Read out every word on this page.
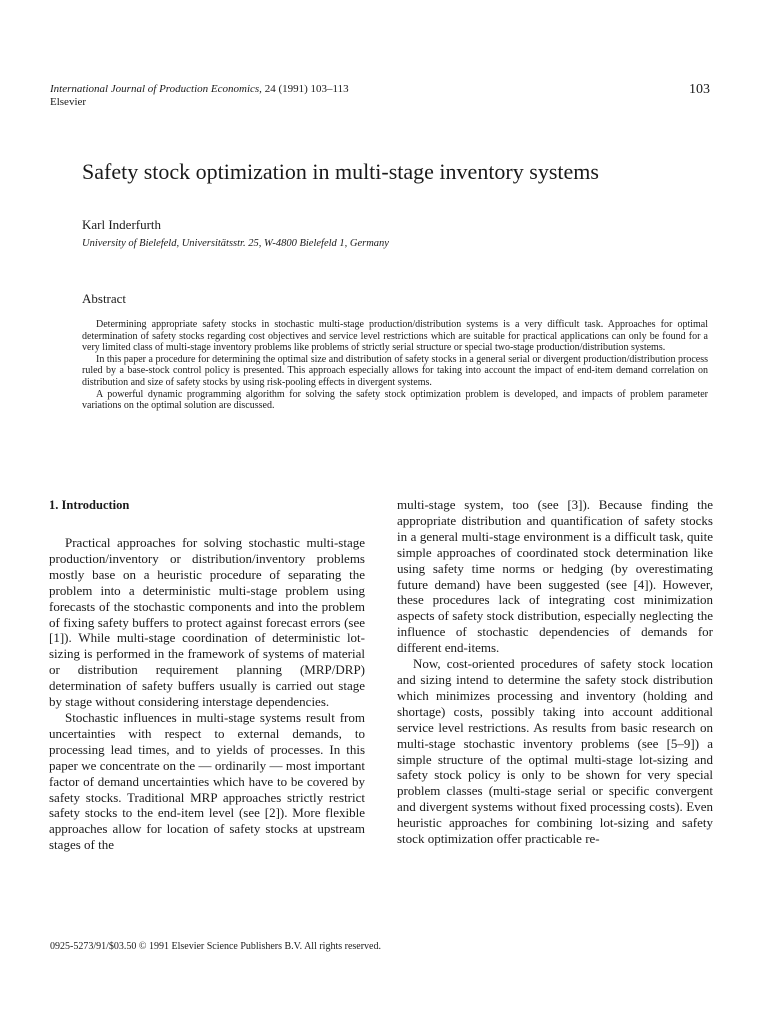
International Journal of Production Economics, 24 (1991) 103–113
Elsevier
103
Safety stock optimization in multi-stage inventory systems
Karl Inderfurth
University of Bielefeld, Universitätsstr. 25, W-4800 Bielefeld 1, Germany
Abstract

Determining appropriate safety stocks in stochastic multi-stage production/distribution systems is a very difficult task. Approaches for optimal determination of safety stocks regarding cost objectives and service level restrictions which are suitable for practical applications can only be found for a very limited class of multi-stage inventory problems like problems of strictly serial structure or special two-stage production/distribution systems.

In this paper a procedure for determining the optimal size and distribution of safety stocks in a general serial or divergent production/distribution process ruled by a base-stock control policy is presented. This approach especially allows for taking into account the impact of end-item demand correlation on distribution and size of safety stocks by using risk-pooling effects in divergent systems.

A powerful dynamic programming algorithm for solving the safety stock optimization problem is developed, and impacts of problem parameter variations on the optimal solution are discussed.

1. Introduction

Practical approaches for solving stochastic multi-stage production/inventory or distribution/inventory problems mostly base on a heuristic procedure of separating the problem into a deterministic multi-stage problem using forecasts of the stochastic components and into the problem of fixing safety buffers to protect against forecast errors (see [1]). While multi-stage coordination of deterministic lot-sizing is performed in the framework of systems of material or distribution requirement planning (MRP/DRP) determination of safety buffers usually is carried out stage by stage without considering interstage dependencies.

Stochastic influences in multi-stage systems result from uncertainties with respect to external demands, to processing lead times, and to yields of processes. In this paper we concentrate on the — ordinarily — most important factor of demand uncertainties which have to be covered by safety stocks. Traditional MRP approaches strictly restrict safety stocks to the end-item level (see [2]). More flexible approaches allow for location of safety stocks at upstream stages of the

multi-stage system, too (see [3]). Because finding the appropriate distribution and quantification of safety stocks in a general multi-stage environment is a difficult task, quite simple approaches of coordinated stock determination like using safety time norms or hedging (by overestimating future demand) have been suggested (see [4]). However, these procedures lack of integrating cost minimization aspects of safety stock distribution, especially neglecting the influence of stochastic dependencies of demands for different end-items.

Now, cost-oriented procedures of safety stock location and sizing intend to determine the safety stock distribution which minimizes processing and inventory (holding and shortage) costs, possibly taking into account additional service level restrictions. As results from basic research on multi-stage stochastic inventory problems (see [5–9]) a simple structure of the optimal multi-stage lot-sizing and safety stock policy is only to be shown for very special problem classes (multi-stage serial or specific convergent and divergent systems without fixed processing costs). Even heuristic approaches for combining lot-sizing and safety stock optimization offer practicable re-

0925-5273/91/$03.50 © 1991 Elsevier Science Publishers B.V. All rights reserved.
